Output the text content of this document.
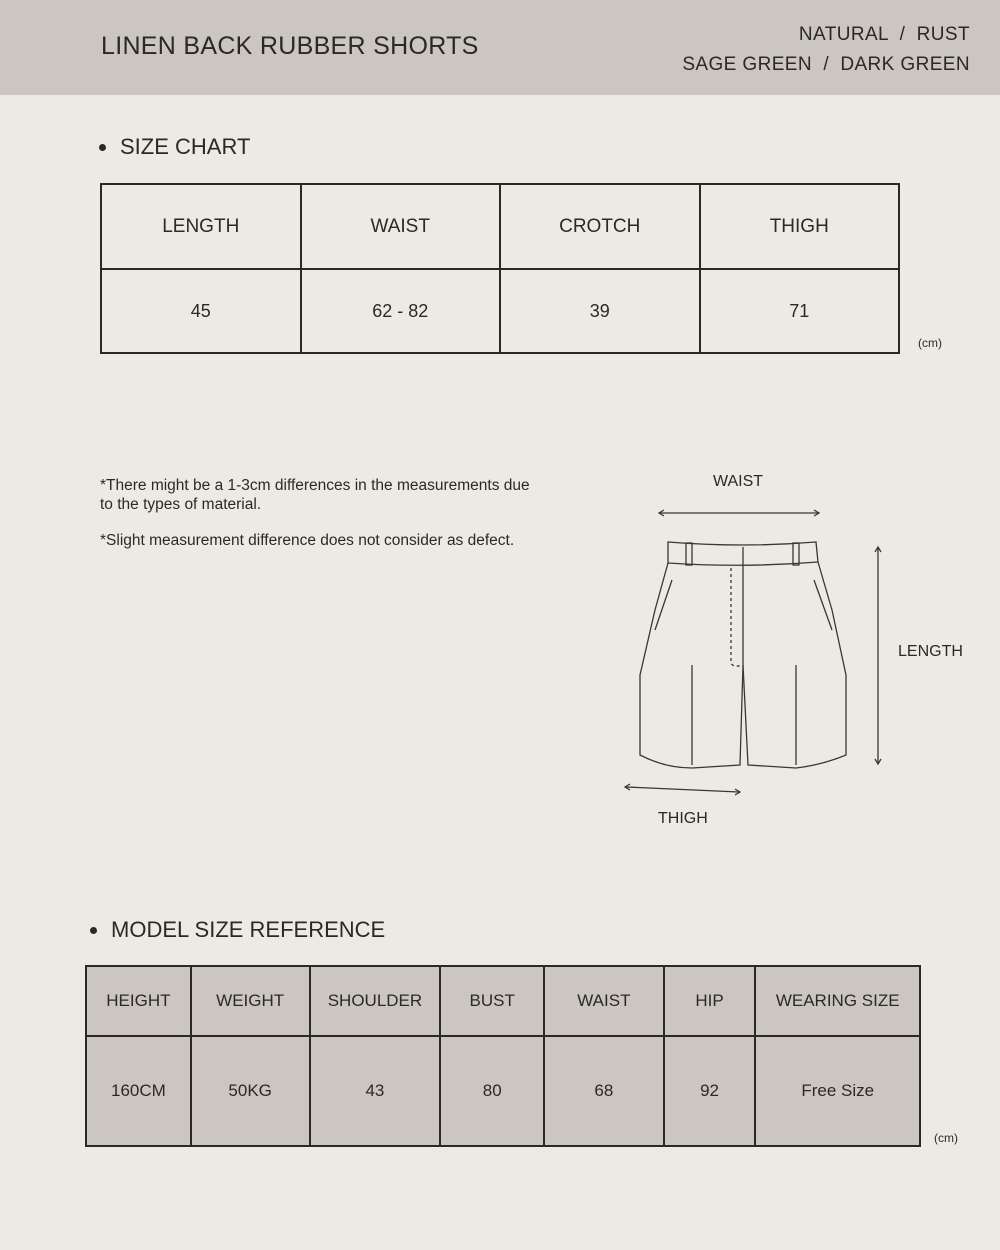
LINEN BACK RUBBER SHORTS	NATURAL  /  RUST
SAGE GREEN  /  DARK GREEN
SIZE CHART
LENGTH	WAIST	CROTCH	THIGH
45	62 - 82	39	71
(cm)
*There might be a 1-3cm differences in the measurements due to the types of material.
*Slight measurement difference does not consider as defect.
WAIST
LENGTH
THIGH
MODEL SIZE REFERENCE
HEIGHT	WEIGHT	SHOULDER	BUST	WAIST	HIP	WEARING SIZE
160CM	50KG	43	80	68	92	Free Size
(cm)
